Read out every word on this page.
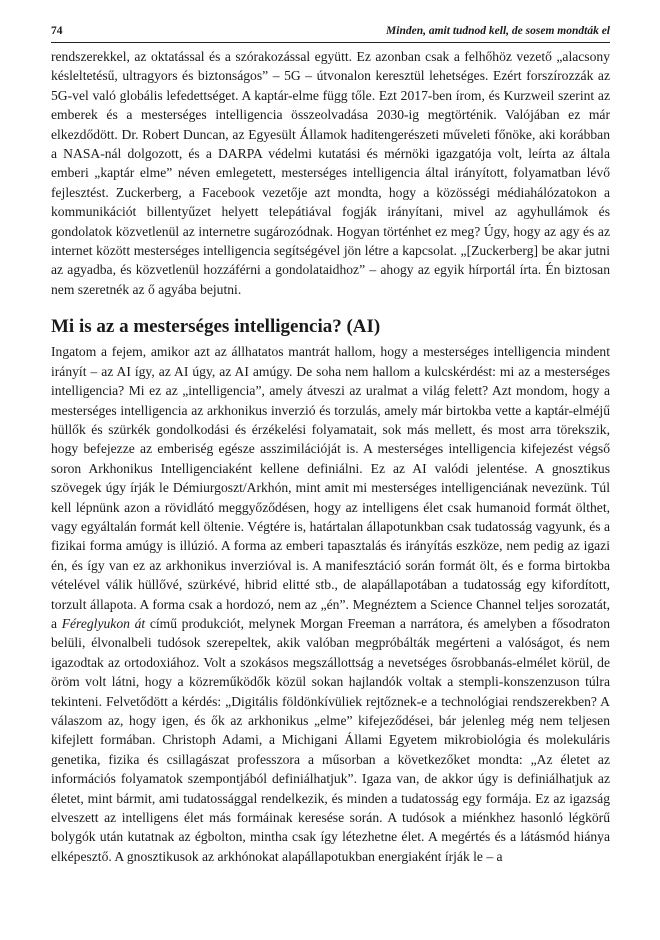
74	Minden, amit tudnod kell, de sosem mondták el

rendszerekkel, az oktatással és a szórakozással együtt. Ez azonban csak a felhőhöz vezető „alacsony késleltetésű, ultragyors és biztonságos” – 5G – útvonalon keresztül lehetséges. Ezért forszírozzák az 5G-vel való globális lefedettséget. A kaptár-elme függ tőle. Ezt 2017-ben írom, és Kurzweil szerint az emberek és a mesterséges intelligencia összeolvadása 2030-ig megtörténik. Valójában ez már elkezdődött. Dr. Robert Duncan, az Egyesült Államok haditengerészeti műveleti főnöke, aki korábban a NASA-nál dolgozott, és a DARPA védelmi kutatási és mérnöki igazgatója volt, leírta az általa emberi „kaptár elme” néven emlegetett, mesterséges intelligencia által irányított, folyamatban lévő fejlesztést. Zuckerberg, a Facebook vezetője azt mondta, hogy a közösségi médiahálózatokon a kommunikációt billentyűzet helyett telepátiával fogják irányítani, mivel az agyhullámok és gondolatok közvetlenül az internetre sugározódnak. Hogyan történhet ez meg? Úgy, hogy az agy és az internet között mesterséges intelligencia segítségével jön létre a kapcsolat. „[Zuckerberg] be akar jutni az agyadba, és közvetlenül hozzáférni a gondolataidhoz” – ahogy az egyik hírportál írta. Én biztosan nem szeretnék az ő agyába bejutni.

Mi is az a mesterséges intelligencia? (AI)

Ingatom a fejem, amikor azt az állhatatos mantrát hallom, hogy a mesterséges intelligencia mindent irányít – az AI így, az AI úgy, az AI amúgy. De soha nem hallom a kulcskérdést: mi az a mesterséges intelligencia? Mi ez az „intelligencia”, amely átveszi az uralmat a világ felett? Azt mondom, hogy a mesterséges intelligencia az arkhonikus inverzió és torzulás, amely már birtokba vette a kaptár-elméjű hüllők és szürkék gondolkodási és érzékelési folyamatait, sok más mellett, és most arra törekszik, hogy befejezze az emberiség egésze asszimilációját is. A mesterséges intelligencia kifejezést végső soron Arkhonikus Intelligenciaként kellene definiálni. Ez az AI valódi jelentése. A gnosztikus szövegek úgy írják le Démiurgoszt/Arkhón, mint amit mi mesterséges intelligenciának nevezünk. Túl kell lépnünk azon a rövidlátó meggyőződésen, hogy az intelligens élet csak humanoid formát ölthet, vagy egyáltalán formát kell öltenie. Végtére is, határtalan állapotunkban csak tudatosság vagyunk, és a fizikai forma amúgy is illúzió. A forma az emberi tapasztalás és irányítás eszköze, nem pedig az igazi én, és így van ez az arkhonikus inverzióval is. A manifesztáció során formát ölt, és e forma birtokba vételével válik hüllővé, szürkévé, hibrid elitté stb., de alapállapotában a tudatosság egy kifordított, torzult állapota. A forma csak a hordozó, nem az „én”. Megnéztem a Science Channel teljes sorozatát, a Féreglyukon át című produkciót, melynek Morgan Freeman a narrátora, és amelyben a fősodraton belüli, élvonalbeli tudósok szerepeltek, akik valóban megpróbálták megérteni a valóságot, és nem igazodtak az ortodoxiához. Volt a szokásos megszállottság a nevetséges ősrobbanás-elmélet körül, de öröm volt látni, hogy a közreműködők közül sokan hajlandók voltak a stempli-konszenzuson túlra tekinteni. Felvetődött a kérdés: „Digitális földönkívüliek rejtőznek-e a technológiai rendszerekben? A válaszom az, hogy igen, és ők az arkhonikus „elme” kifejeződései, bár jelenleg még nem teljesen kifejlett formában. Christoph Adami, a Michigani Állami Egyetem mikrobiológia és molekuláris genetika, fizika és csillagászat professzora a műsorban a következőket mondta: „Az életet az információs folyamatok szempontjából definiálhatjuk”. Igaza van, de akkor úgy is definiálhatjuk az életet, mint bármit, ami tudatossággal rendelkezik, és minden a tudatosság egy formája. Ez az igazság elveszett az intelligens élet más formáinak keresése során. A tudósok a miénkhez hasonló légkörű bolygók után kutatnak az égbolton, mintha csak így létezhetne élet. A megértés és a látásmód hiánya elképesztő. A gnosztikusok az arkhónokat alapállapotukban energiaként írják le – a
